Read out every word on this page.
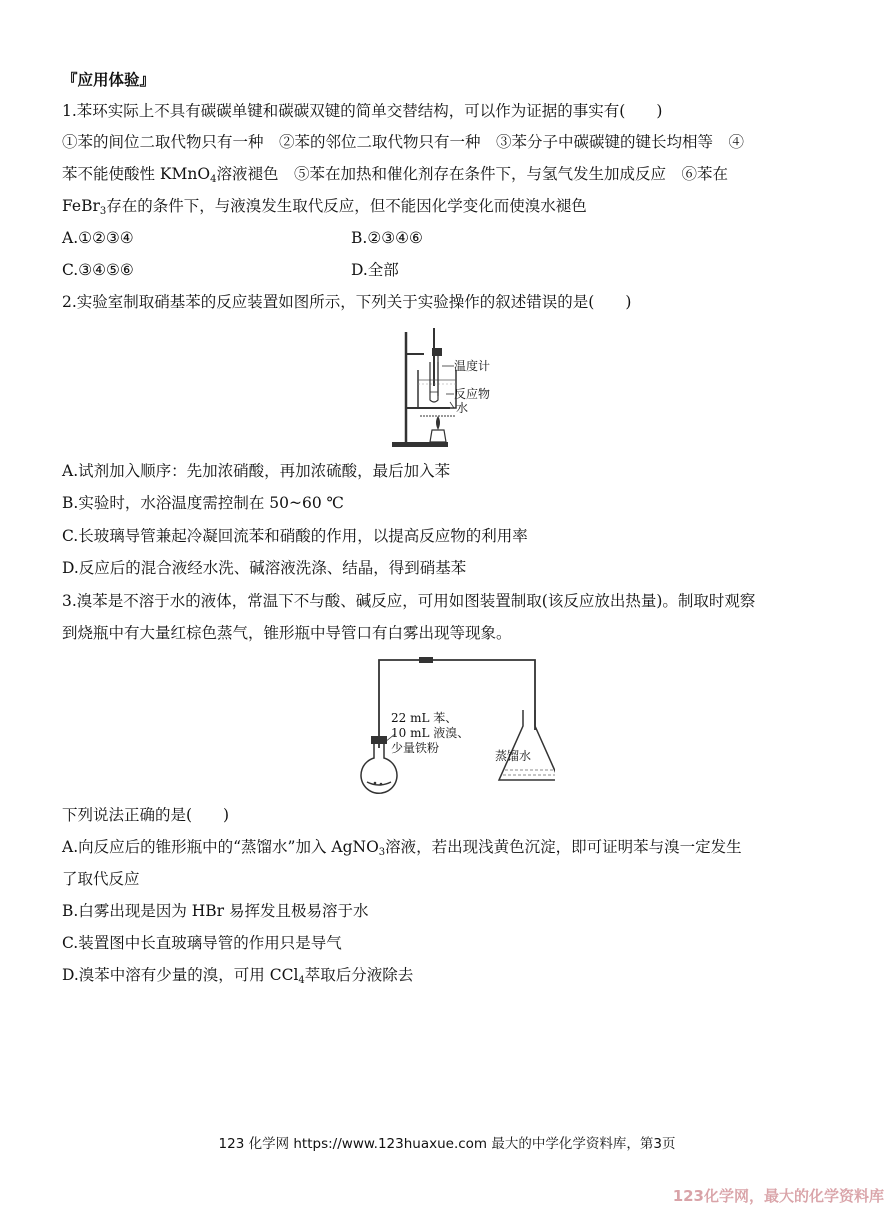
『应用体验』
1.苯环实际上不具有碳碳单键和碳碳双键的简单交替结构，可以作为证据的事实有(　　)
①苯的间位二取代物只有一种　②苯的邻位二取代物只有一种　③苯分子中碳碳键的键长均相等　④
苯不能使酸性 KMnO$_4$溶液褪色　⑤苯在加热和催化剂存在条件下，与氢气发生加成反应　⑥苯在
FeBr$_3$存在的条件下，与液溴发生取代反应，但不能因化学变化而使溴水褪色
A.①②③④	B.②③④⑥
C.③④⑤⑥	D.全部
2.实验室制取硝基苯的反应装置如图所示，下列关于实验操作的叙述错误的是(　　)
温度计
反应物
水
A.试剂加入顺序：先加浓硝酸，再加浓硫酸，最后加入苯
B.实验时，水浴温度需控制在 50~60 ℃
C.长玻璃导管兼起冷凝回流苯和硝酸的作用，以提高反应物的利用率
D.反应后的混合液经水洗、碱溶液洗涤、结晶，得到硝基苯
3.溴苯是不溶于水的液体，常温下不与酸、碱反应，可用如图装置制取(该反应放出热量)。制取时观察
到烧瓶中有大量红棕色蒸气，锥形瓶中导管口有白雾出现等现象。
22 mL 苯、
10 mL 液溴、
少量铁粉
蒸馏水
下列说法正确的是(　　)
A.向反应后的锥形瓶中的“蒸馏水”加入 AgNO$_3$溶液，若出现浅黄色沉淀，即可证明苯与溴一定发生
了取代反应
B.白雾出现是因为 HBr 易挥发且极易溶于水
C.装置图中长直玻璃导管的作用只是导气
D.溴苯中溶有少量的溴，可用 CCl$_4$萃取后分液除去
123 化学网 https://www.123huaxue.com 最大的中学化学资料库，第3页
123化学网，最大的化学资料库
